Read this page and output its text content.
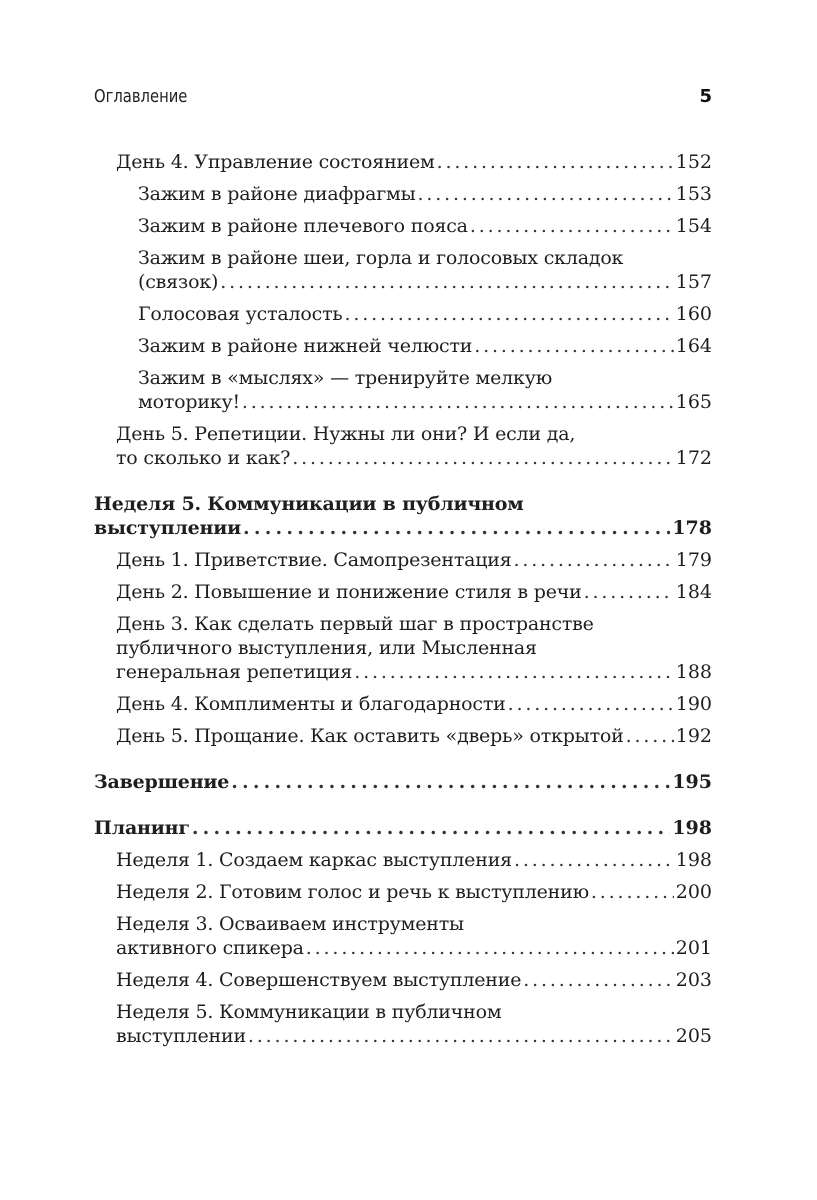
Оглавление	5
День 4. Управление состоянием . . .	152
Зажим в районе диафрагмы . . .	153
Зажим в районе плечевого пояса . . .	154
Зажим в районе шеи, горла и голосовых складок
(связок) . . .	157
Голосовая усталость . . .	160
Зажим в районе нижней челюсти . . .	164
Зажим в «мыслях» — тренируйте мелкую
моторику! . . .	165
День 5. Репетиции. Нужны ли они? И если да,
то сколько и как? . . .	172
Неделя 5. Коммуникации в публичном
выступлении . . .	178
День 1. Приветствие. Самопрезентация . . .	179
День 2. Повышение и понижение стиля в речи . . .	184
День 3. Как сделать первый шаг в пространстве
публичного выступления, или Мысленная
генеральная репетиция . . .	188
День 4. Комплименты и благодарности . . .	190
День 5. Прощание. Как оставить «дверь» открытой . . .	192
Завершение . . .	195
Планинг . . .	198
Неделя 1. Создаем каркас выступления . . .	198
Неделя 2. Готовим голос и речь к выступлению . . .	200
Неделя 3. Осваиваем инструменты
активного спикера . . .	201
Неделя 4. Совершенствуем выступление . . .	203
Неделя 5. Коммуникации в публичном
выступлении . . .	205
